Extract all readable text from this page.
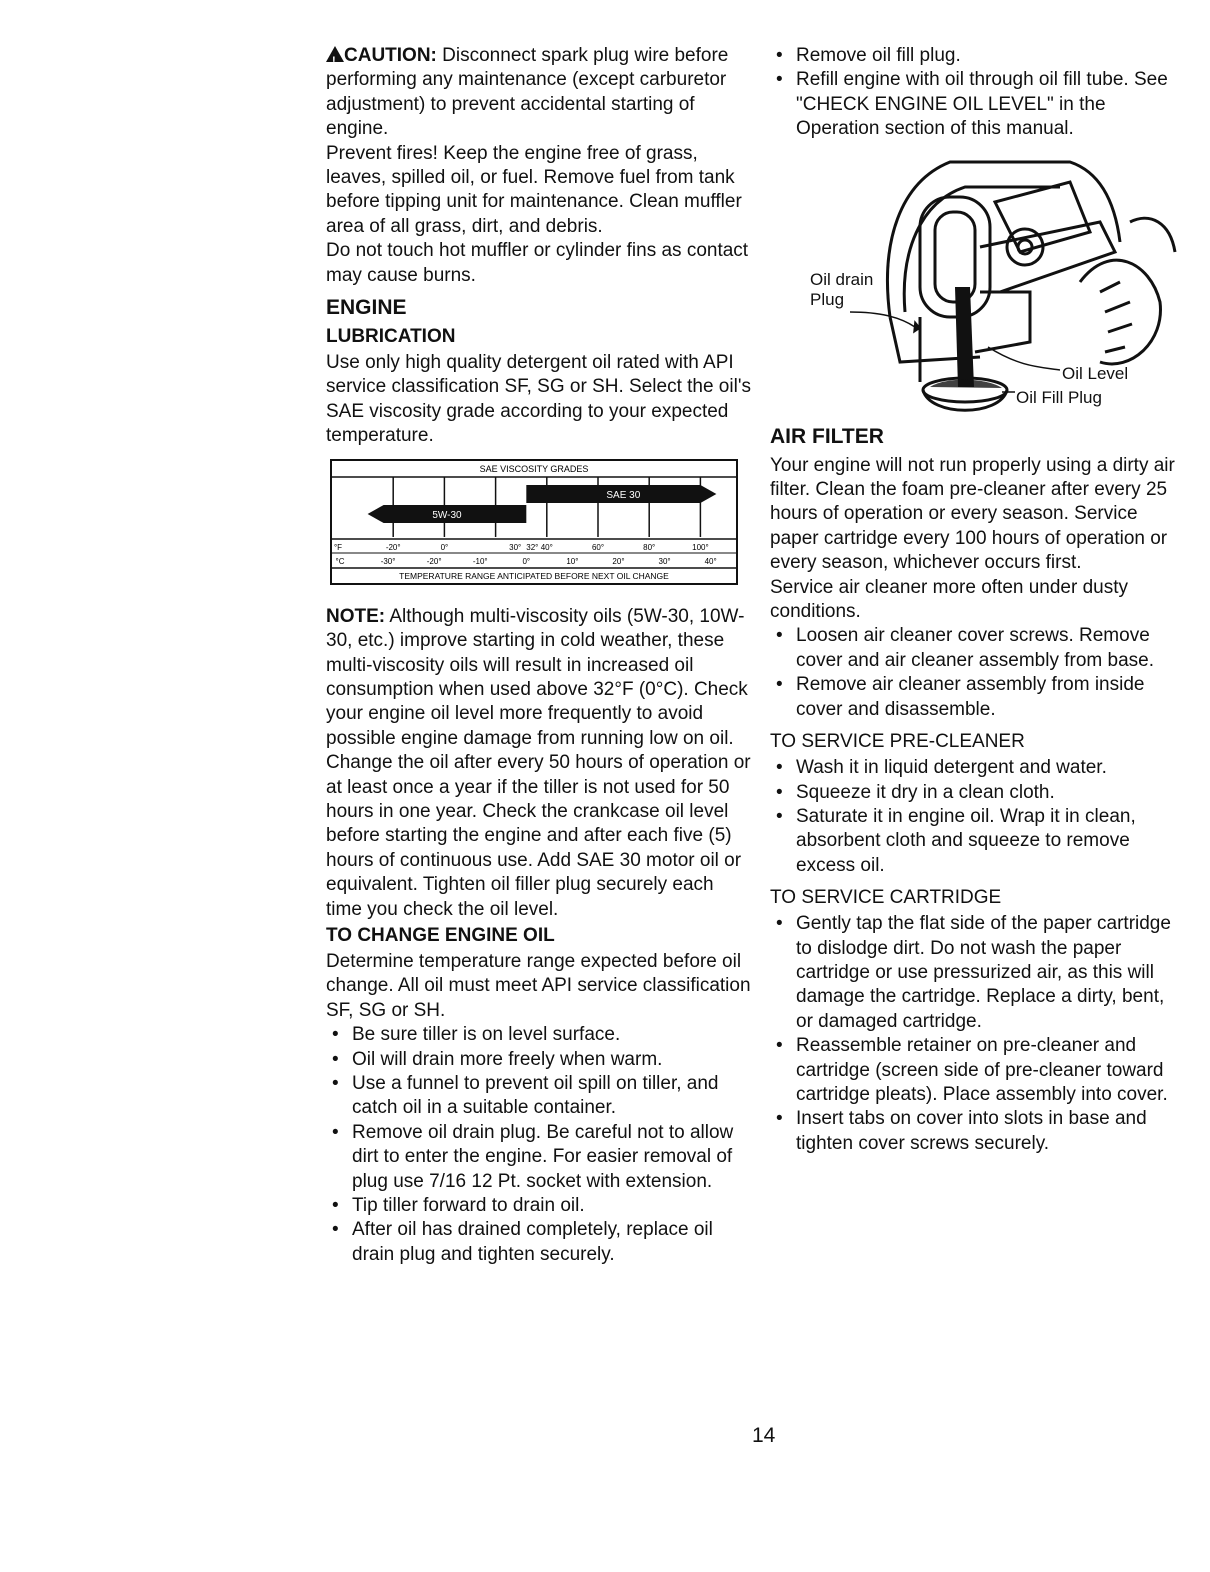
!CAUTION: Disconnect spark plug wire before performing any maintenance (except carburetor adjustment) to prevent accidental starting of engine.

Prevent fires! Keep the engine free of grass, leaves, spilled oil, or fuel. Remove fuel from tank before tipping unit for maintenance. Clean muffler area of all grass, dirt, and debris.

Do not touch hot muffler or cylinder fins as contact may cause burns.

ENGINE
LUBRICATION

Use only high quality detergent oil rated with API service classification SF, SG or SH. Select the oil's SAE viscosity grade according to your expected temperature.

SAE VISCOSITY GRADES
SAE 30
5W-30
°F	-20°	0°	30° 32° 40°	60°	80°	100°
°C	-30°	-20°	-10°	0°	10°	20°	30°	40°
TEMPERATURE RANGE ANTICIPATED BEFORE NEXT OIL CHANGE

NOTE: Although multi-viscosity oils (5W-30, 10W-30, etc.) improve starting in cold weather, these multi-viscosity oils will result in increased oil consumption when used above 32°F (0°C). Check your engine oil level more frequently to avoid possible engine damage from running low on oil.

Change the oil after every 50 hours of operation or at least once a year if the tiller is not used for 50 hours in one year. Check the crankcase oil level before starting the engine and after each five (5) hours of continuous use. Add SAE 30 motor oil or equivalent. Tighten oil filler plug securely each time you check the oil level.

TO CHANGE ENGINE OIL

Determine temperature range expected before oil change. All oil must meet API service classification SF, SG or SH.

• Be sure tiller is on level surface.
• Oil will drain more freely when warm.
• Use a funnel to prevent oil spill on tiller, and catch oil in a suitable container.
• Remove oil drain plug. Be careful not to allow dirt to enter the engine. For easier removal of plug use 7/16 12 Pt. socket with extension.
• Tip tiller forward to drain oil.
• After oil has drained completely, replace oil drain plug and tighten securely.
• Remove oil fill plug.
• Refill engine with oil through oil fill tube. See "CHECK ENGINE OIL LEVEL" in the Operation section of this manual.
Oil drain
Plug
Oil Level
Oil Fill Plug
AIR FILTER

Your engine will not run properly using a dirty air filter. Clean the foam pre-cleaner after every 25 hours of operation or every season. Service paper cartridge every 100 hours of operation or every season, whichever occurs first.

Service air cleaner more often under dusty conditions.

• Loosen air cleaner cover screws. Remove cover and air cleaner assembly from base.
• Remove air cleaner assembly from inside cover and disassemble.
TO SERVICE PRE-CLEANER
• Wash it in liquid detergent and water.
• Squeeze it dry in a clean cloth.
• Saturate it in engine oil. Wrap it in clean, absorbent cloth and squeeze to remove excess oil.
TO SERVICE CARTRIDGE
• Gently tap the flat side of the paper cartridge to dislodge dirt. Do not wash the paper cartridge or use pressurized air, as this will damage the cartridge. Replace a dirty, bent, or damaged cartridge.
• Reassemble retainer on pre-cleaner and cartridge (screen side of pre-cleaner toward cartridge pleats). Place assembly into cover.
• Insert tabs on cover into slots in base and tighten cover screws securely.
14
